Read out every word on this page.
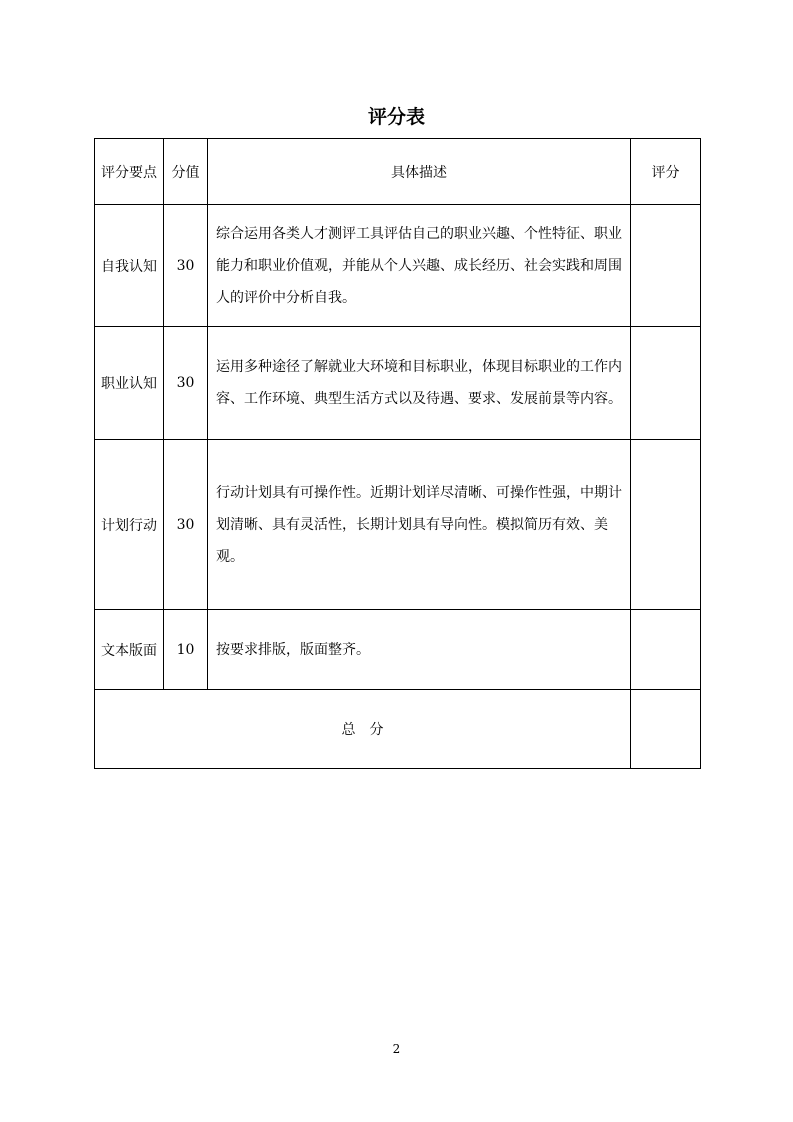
评分表
评分要点	分值	具体描述	评分
自我认知	30	综合运用各类人才测评工具评估自己的职业兴趣、个性特征、职业能力和职业价值观，并能从个人兴趣、成长经历、社会实践和周围人的评价中分析自我。	
职业认知	30	运用多种途径了解就业大环境和目标职业，体现目标职业的工作内容、工作环境、典型生活方式以及待遇、要求、发展前景等内容。	
计划行动	30	行动计划具有可操作性。近期计划详尽清晰、可操作性强，中期计划清晰、具有灵活性，长期计划具有导向性。模拟简历有效、美观。	
文本版面	10	按要求排版，版面整齐。	
总　分			
2
